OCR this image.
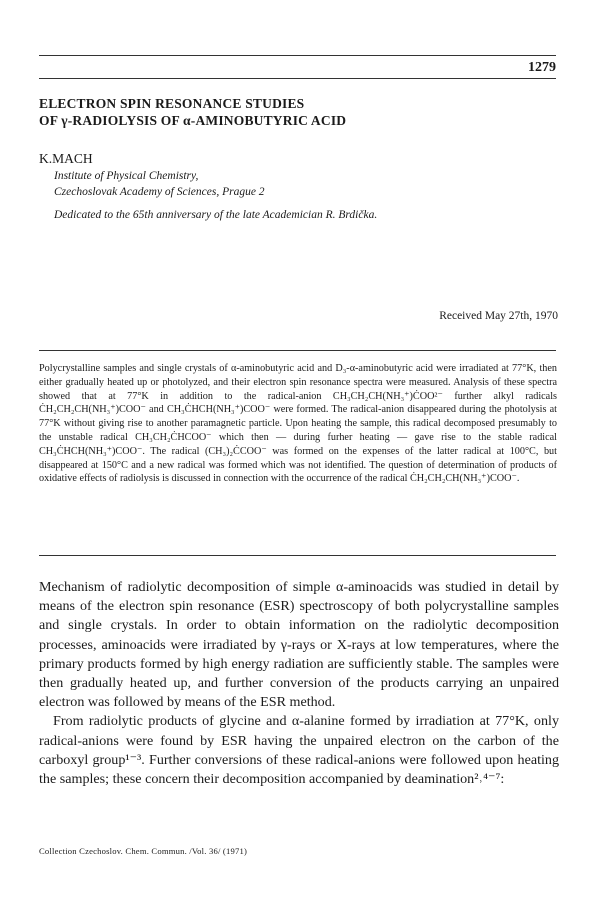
1279
ELECTRON SPIN RESONANCE STUDIES
OF γ-RADIOLYSIS OF α-AMINOBUTYRIC ACID
K.MACH
Institute of Physical Chemistry,
Czechoslovak Academy of Sciences, Prague 2
Dedicated to the 65th anniversary of the late Academician R. Brdička.
Received May 27th, 1970

Polycrystalline samples and single crystals of α-aminobutyric acid and D₃-α-aminobutyric acid were irradiated at 77°K, then either gradually heated up or photolyzed, and their electron spin resonance spectra were measured. Analysis of these spectra showed that at 77°K in addition to the radical-anion CH₃CH₂CH(NH₃⁺)ĊOO²⁻ further alkyl radicals ĊH₂CH₂CH(NH₃⁺)COO⁻ and CH₃ĊHCH(NH₃⁺)COO⁻ were formed. The radical-anion disappeared during the photolysis at 77°K without giving rise to another paramagnetic particle. Upon heating the sample, this radical decomposed presumably to the unstable radical CH₃CH₂ĊHCOO⁻ which then — during furher heating — gave rise to the stable radical CH₃ĊHCH(NH₃⁺)COO⁻. The radical (CH₃)₂ĊCOO⁻ was formed on the expenses of the latter radical at 100°C, but disappeared at 150°C and a new radical was formed which was not identified. The question of determination of products of oxidative effects of radiolysis is discussed in connection with the occurrence of the radical ĊH₂CH₂CH(NH₃⁺)COO⁻.

Mechanism of radiolytic decomposition of simple α-aminoacids was studied in detail by means of the electron spin resonance (ESR) spectroscopy of both polycrystalline samples and single crystals. In order to obtain information on the radiolytic decomposition processes, aminoacids were irradiated by γ-rays or X-rays at low temperatures, where the primary products formed by high energy radiation are sufficiently stable. The samples were then gradually heated up, and further conversion of the products carrying an unpaired electron was followed by means of the ESR method.

From radiolytic products of glycine and α-alanine formed by irradiation at 77°K, only radical-anions were found by ESR having the unpaired electron on the carbon of the carboxyl group¹⁻³. Further conversions of these radical-anions were followed upon heating the samples; these concern their decomposition accompanied by deamination²˒⁴⁻⁷:

Collection Czechoslov. Chem. Commun. /Vol. 36/ (1971)
